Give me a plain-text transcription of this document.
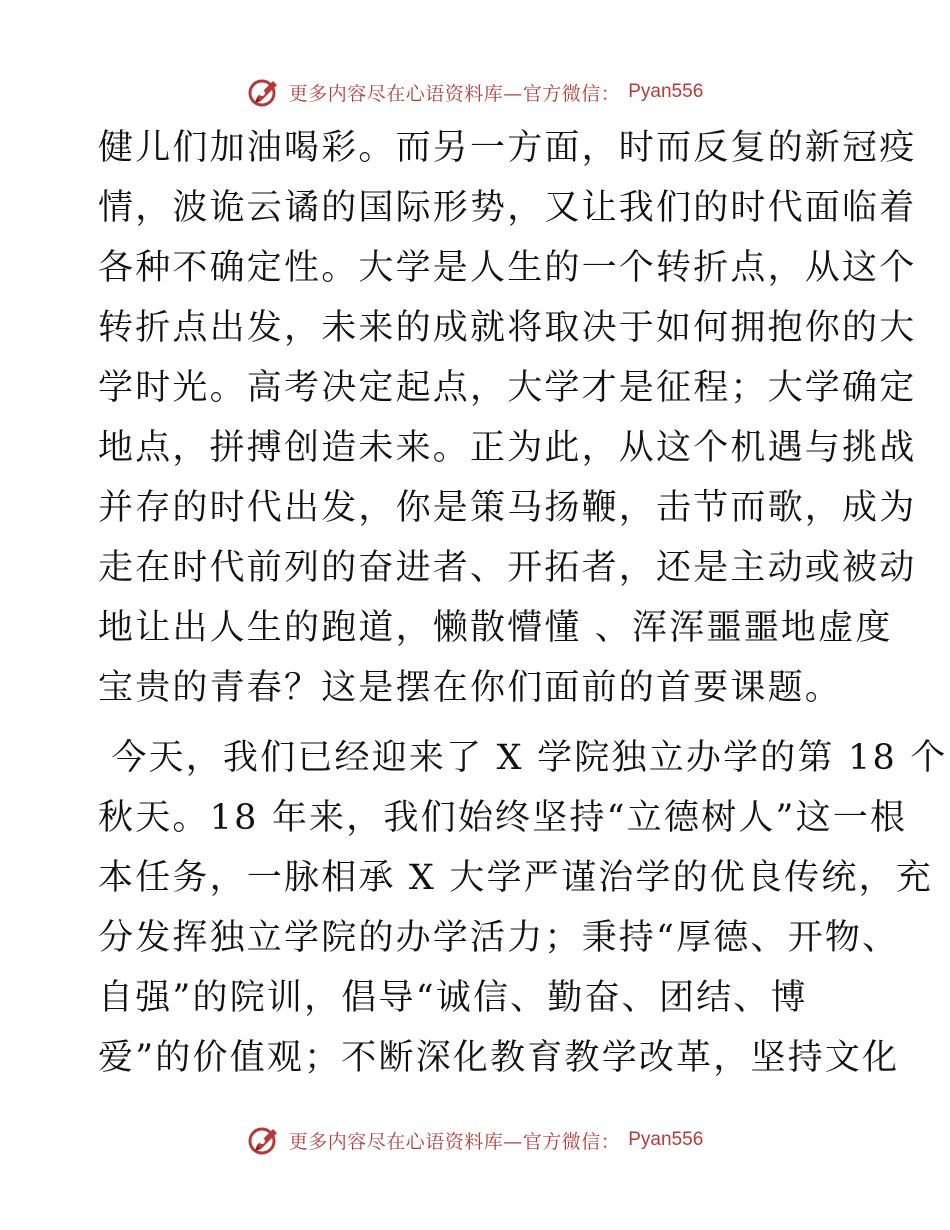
更多内容尽在心语资料库—官方微信： Pyan556
健儿们加油喝彩。而另一方面，时而反复的新冠疫
情，波诡云谲的国际形势，又让我们的时代面临着
各种不确定性。大学是人生的一个转折点，从这个
转折点出发，未来的成就将取决于如何拥抱你的大
学时光。高考决定起点，大学才是征程；大学确定
地点，拼搏创造未来。正为此，从这个机遇与挑战
并存的时代出发，你是策马扬鞭，击节而歌，成为
走在时代前列的奋进者、开拓者，还是主动或被动
地让出人生的跑道，懒散懵懂 、浑浑噩噩地虚度
宝贵的青春？这是摆在你们面前的首要课题。
今天，我们已经迎来了 X 学院独立办学的第 18 个
秋天。18 年来，我们始终坚持“立德树人”这一根
本任务，一脉相承 X 大学严谨治学的优良传统，充
分发挥独立学院的办学活力；秉持“厚德、开物、
自强”的院训，倡导“诚信、勤奋、团结、博
爱”的价值观；不断深化教育教学改革，坚持文化
更多内容尽在心语资料库—官方微信： Pyan556
